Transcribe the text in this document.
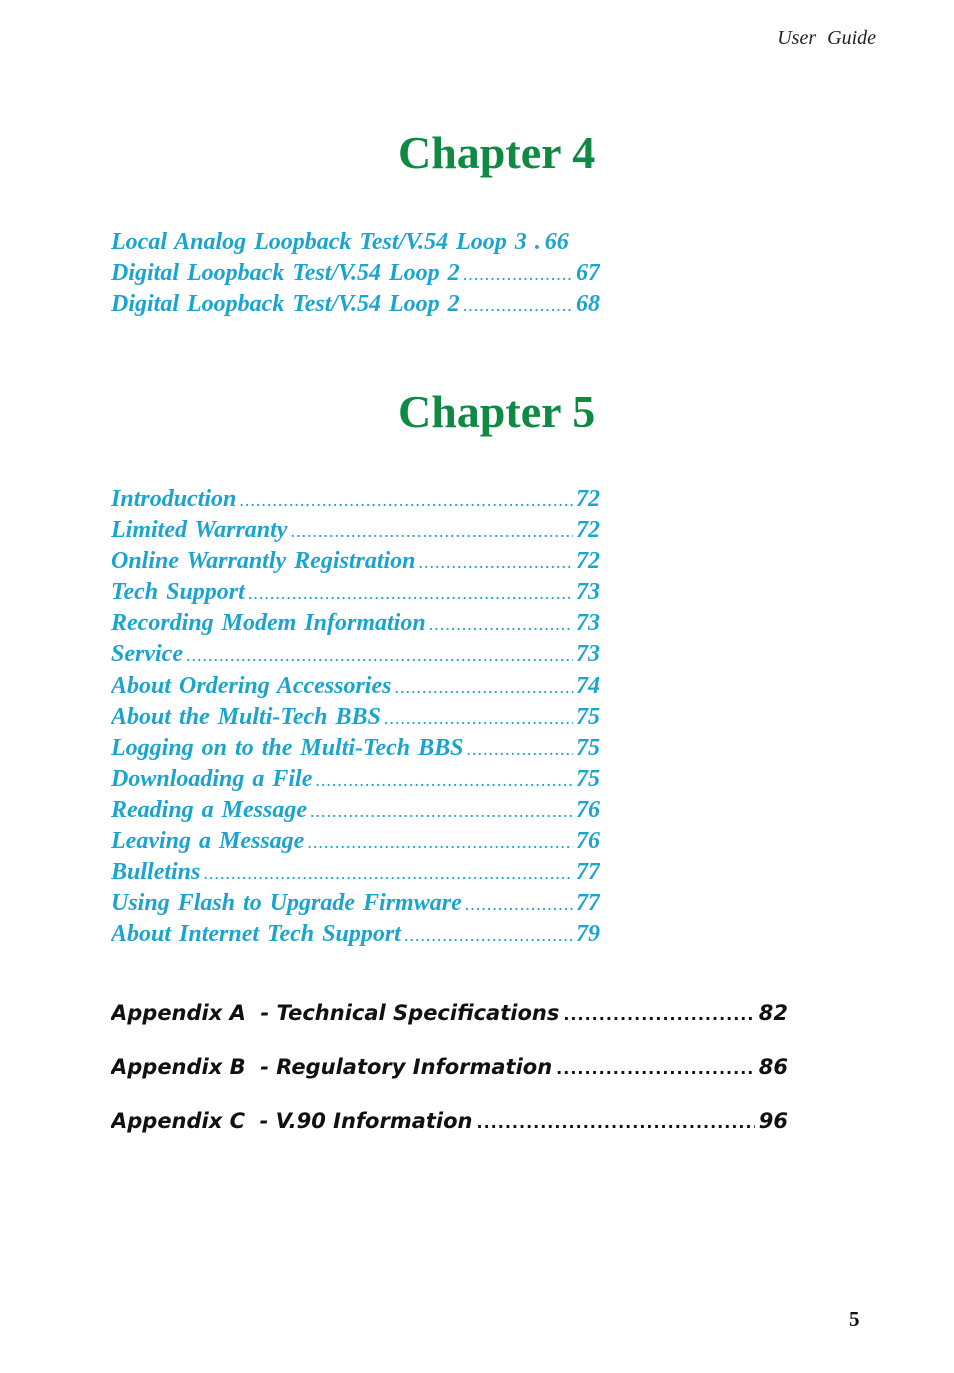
User Guide
Chapter 4
Local Analog Loopback Test/V.54 Loop 3 . 66
Digital Loopback Test/V.54 Loop 2 .....	67
Digital Loopback Test/V.54 Loop 2 .....	68
Chapter 5
Introduction .....	72
Limited Warranty .....	72
Online Warrantly Registration .....	72
Tech Support .....	73
Recording Modem Information .....	73
Service .....	73
About Ordering Accessories .....	74
About the Multi-Tech BBS .....	75
Logging on to the Multi-Tech BBS .....	75
Downloading a File .....	75
Reading a Message .....	76
Leaving a Message .....	76
Bulletins .....	77
Using Flash to Upgrade Firmware .....	77
About Internet Tech Support .....	79
Appendix A  - Technical Specifications .....	82
Appendix B  - Regulatory Information .....	86
Appendix C  - V.90 Information .....	96
5
